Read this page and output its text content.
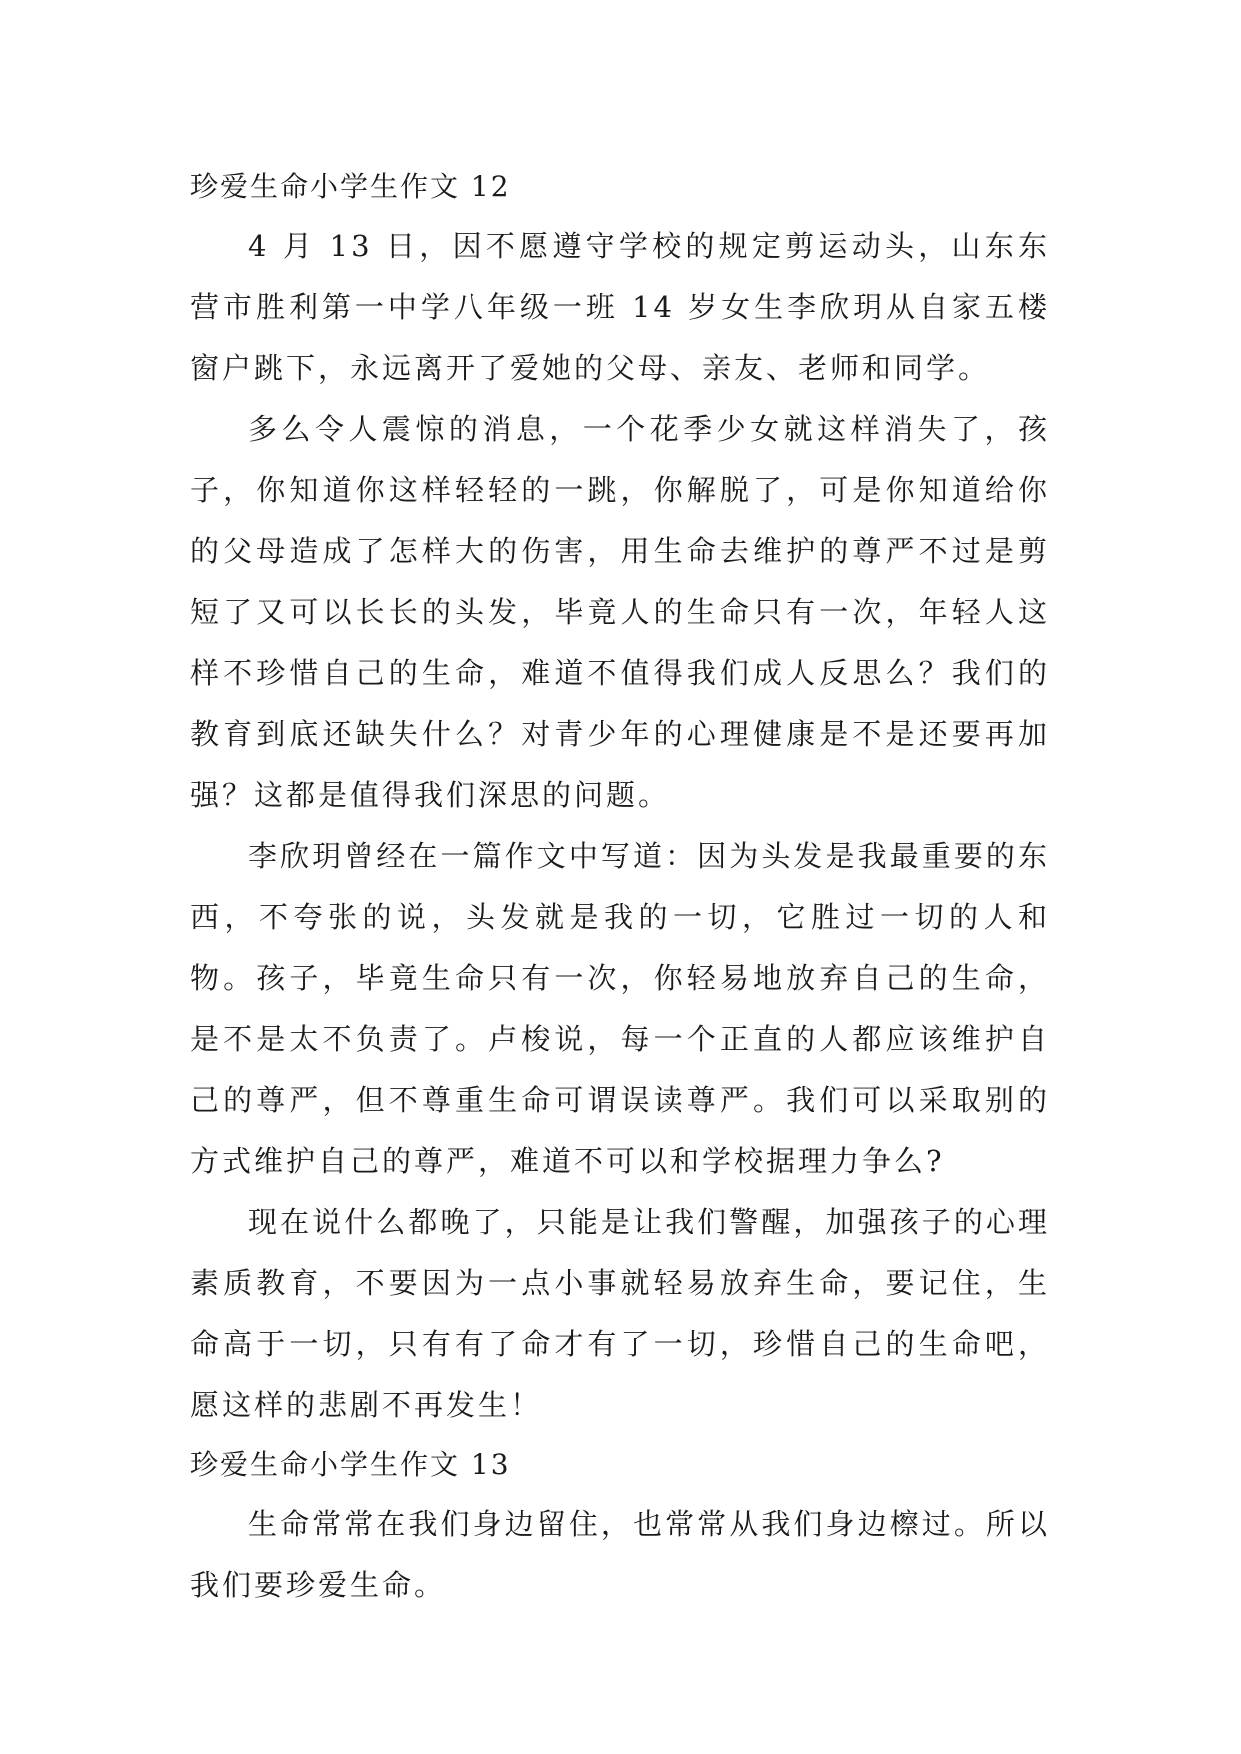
珍爱生命小学生作文 12

4 月 13 日，因不愿遵守学校的规定剪运动头，山东东营市胜利第一中学八年级一班 14 岁女生李欣玥从自家五楼窗户跳下，永远离开了爱她的父母、亲友、老师和同学。

多么令人震惊的消息，一个花季少女就这样消失了，孩子，你知道你这样轻轻的一跳，你解脱了，可是你知道给你的父母造成了怎样大的伤害，用生命去维护的尊严不过是剪短了又可以长长的头发，毕竟人的生命只有一次，年轻人这样不珍惜自己的生命，难道不值得我们成人反思么？我们的教育到底还缺失什么？对青少年的心理健康是不是还要再加强？这都是值得我们深思的问题。

李欣玥曾经在一篇作文中写道：因为头发是我最重要的东西，不夸张的说，头发就是我的一切，它胜过一切的人和物。孩子，毕竟生命只有一次，你轻易地放弃自己的生命，是不是太不负责了。卢梭说，每一个正直的人都应该维护自己的尊严，但不尊重生命可谓误读尊严。我们可以采取别的方式维护自己的尊严，难道不可以和学校据理力争么?

现在说什么都晚了，只能是让我们警醒，加强孩子的心理素质教育，不要因为一点小事就轻易放弃生命，要记住，生命高于一切，只有有了命才有了一切，珍惜自己的生命吧，愿这样的悲剧不再发生！

珍爱生命小学生作文 13

生命常常在我们身边留住，也常常从我们身边檫过。所以我们要珍爱生命。
